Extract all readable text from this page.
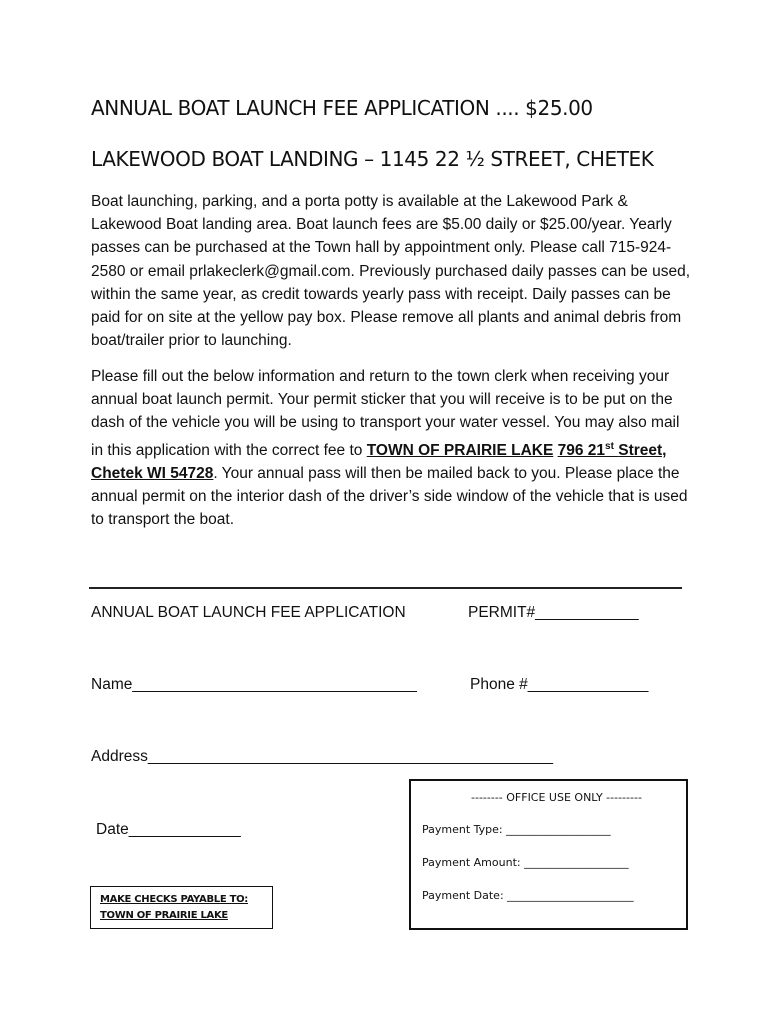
ANNUAL BOAT LAUNCH FEE APPLICATION .... $25.00
LAKEWOOD BOAT LANDING – 1145 22 ½ STREET, CHETEK

Boat launching, parking, and a porta potty is available at the Lakewood Park & Lakewood Boat landing area. Boat launch fees are $5.00 daily or $25.00/year. Yearly passes can be purchased at the Town hall by appointment only. Please call 715-924-2580 or email prlakeclerk@gmail.com. Previously purchased daily passes can be used, within the same year, as credit towards yearly pass with receipt. Daily passes can be paid for on site at the yellow pay box. Please remove all plants and animal debris from boat/trailer prior to launching.

Please fill out the below information and return to the town clerk when receiving your annual boat launch permit. Your permit sticker that you will receive is to be put on the dash of the vehicle you will be using to transport your water vessel. You may also mail in this application with the correct fee to TOWN OF PRAIRIE LAKE 796 21st Street, Chetek WI 54728. Your annual pass will then be mailed back to you. Please place the annual permit on the interior dash of the driver’s side window of the vehicle that is used to transport the boat.

ANNUAL BOAT LAUNCH FEE APPLICATION	PERMIT#____________
Name_________________________________	Phone #______________
Address_______________________________________________
Date_____________
-------- OFFICE USE ONLY ---------
Payment Type: ___________________
Payment Amount: ___________________
Payment Date: _______________________
MAKE CHECKS PAYABLE TO:
TOWN OF PRAIRIE LAKE
